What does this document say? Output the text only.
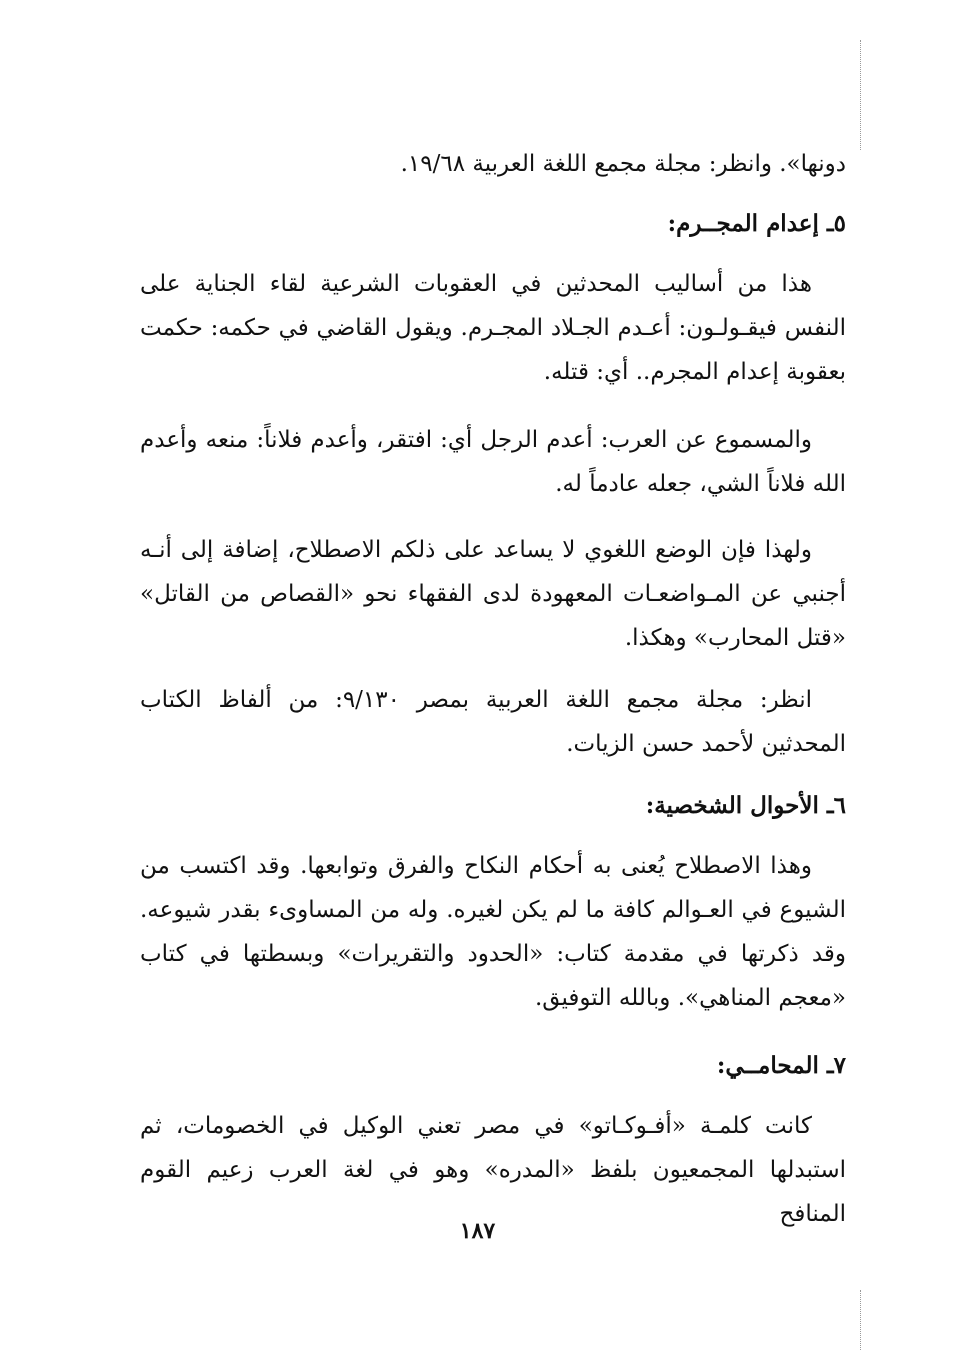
دونها». وانظر: مجلة مجمع اللغة العربية ١٩/٦٨.
٥ـ إعدام المجــرم:
هذا من أساليب المحدثين في العقوبات الشرعية لقاء الجناية على النفس فيقـولـون: أعـدم الجـلاد المجـرم. ويقول القاضي في حكمه: حكمت بعقوبة إعدام المجرم.. أي: قتله.
والمسموع عن العرب: أعدم الرجل أي: افتقر، وأعدم فلاناً: منعه وأعدم الله فلاناً الشي، جعله عادماً له.
ولهذا فإن الوضع اللغوي لا يساعد على ذلكم الاصطلاح، إضافة إلى أنـه أجنبي عن المـواضعـات المعهودة لدى الفقهاء نحو «القصاص من القاتل» «قتل المحارب» وهكذا.
انظر: مجلة مجمع اللغة العربية بمصر ٩/١٣٠: من ألفاظ الكتاب المحدثين لأحمد حسن الزيات.
٦ـ الأحوال الشخصية:
وهذا الاصطلاح يُعنى به أحكام النكاح والفرق وتوابعها. وقد اكتسب من الشيوع في العـوالم كافة ما لم يكن لغيره. وله من المساوىء بقدر شيوعه. وقد ذكرتها في مقدمة كتاب: «الحدود والتقريرات» وبسطتها في كتاب «معجم المناهي». وبالله التوفيق.
٧ـ المحامــي:
كانت كلمـة «أفـوكـاتو» في مصر تعني الوكيل في الخصومات، ثم استبدلها المجمعيون بلفظ «المدره» وهو في لغة العرب زعيم القوم المنافح
١٨٧
